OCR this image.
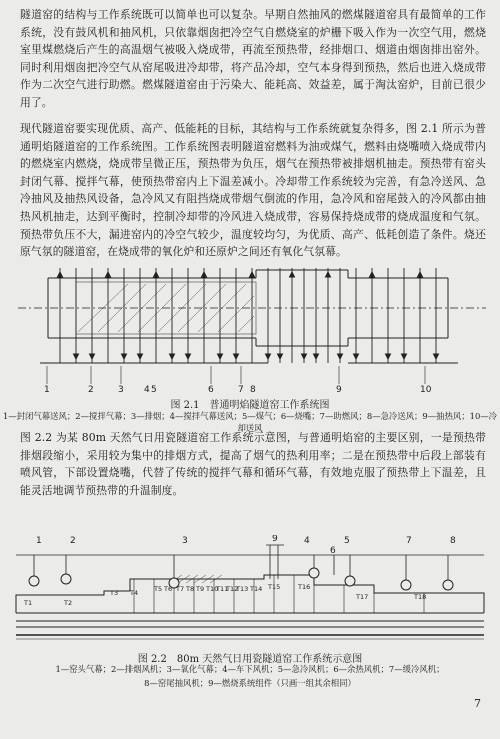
隧道窑的结构与工作系统既可以简单也可以复杂。早期自然抽风的燃煤隧道窑具有最简单的工作系统，没有鼓风机和抽风机，只依靠烟囱把冷空气自燃烧室的炉栅下吸入作为一次空气用，燃烧室里煤燃烧后产生的高温烟气被吸入烧成带，再流至预热带，经排烟口、烟道由烟囱排出窑外。同时利用烟囱把冷空气从窑尾吸进冷却带，将产品冷却，空气本身得到预热，然后也进入烧成带作为二次空气进行助燃。燃煤隧道窑由于污染大、能耗高、效益差，属于淘汰窑炉，目前已很少用了。

现代隧道窑要实现优质、高产、低能耗的目标，其结构与工作系统就复杂得多，图 2.1 所示为普通明焰隧道窑的工作系统图。工作系统图表明隧道窑燃料为油或煤气，燃料由烧嘴喷入烧成带内的燃烧室内燃烧，烧成带呈微正压，预热带为负压，烟气在预热带被排烟机抽走。预热带有窑头封闭气幕、搅拌气幕，使预热带窑内上下温差减小。冷却带工作系统较为完善，有急冷送风、急冷抽风及抽热风设备，急冷风又有阻挡烧成带烟气倒流的作用，急冷风和窑尾鼓入的冷风都由抽热风机抽走，达到平衡时，控制冷却带的冷风进入烧成带，容易保持烧成带的烧成温度和气氛。预热带负压不大，漏进窑内的冷空气较少，温度较均匀，为优质、高产、低耗创造了条件。烧还原气氛的隧道窑，在烧成带的氧化炉和还原炉之间还有氧化气氛幕。

1	2	3 4 5	6	7 8	9	10
图 2.1　普通明焰隧道窑工作系统图
1—封闭气幕送风；2—搅拌气幕；3—排烟；4—搅拌气幕送风；5—煤气；6—烧嘴；7—助燃风；8—急冷送风；9—抽热风；10—冷却送风

图 2.2 为某 80m 天然气日用瓷隧道窑工作系统示意图，与普通明焰窑的主要区别，一是预热带排烟段缩小，采用较为集中的排烟方式，提高了烟气的热利用率；二是在预热带中后段上部装有喷风管，下部设置烧嘴，代替了传统的搅拌气幕和循环气幕，有效地克服了预热带上下温差，且能灵活地调节预热带的升温制度。

1	2	3	4	5
6
7	8
9
T1	T2
T3 T4 T5 T6 T7 T8 T9 T10
T11
T12
T13 T14 T15	T16
T17	T18
图 2.2　80m 天然气日用瓷隧道窑工作系统示意图
1—窑头气幕；2—排烟风机；3—氧化气幕；4—车下风机；5—急冷风机；6—余热风机；7—缓冷风机；
8—窑尾抽风机；9—燃烧系统组件（只画一组其余相同）
7
